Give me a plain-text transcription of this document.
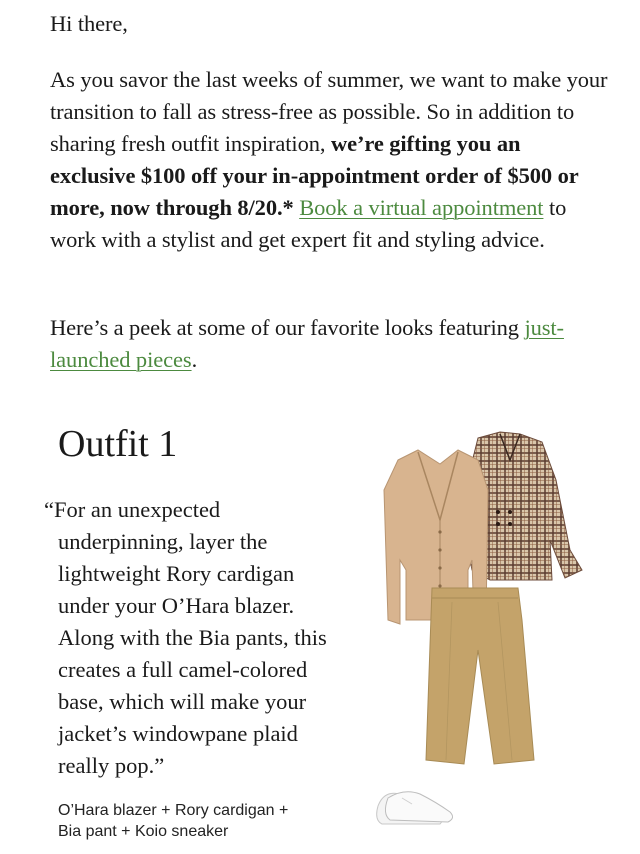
Hi there,

As you savor the last weeks of summer, we want to make your transition to fall as stress-free as possible. So in addition to sharing fresh outfit inspiration, we’re gifting you an exclusive $100 off your in-appointment order of $500 or more, now through 8/20.* Book a virtual appointment to work with a stylist and get expert fit and styling advice.

Here’s a peek at some of our favorite looks featuring just-launched pieces.

Outfit 1

“For an unexpected
underpinning, layer the
lightweight Rory cardigan
under your O’Hara blazer.
Along with the Bia pants, this
creates a full camel-colored
base, which will make your
jacket’s windowpane plaid
really pop.”

O’Hara blazer + Rory cardigan +
Bia pant + Koio sneaker
